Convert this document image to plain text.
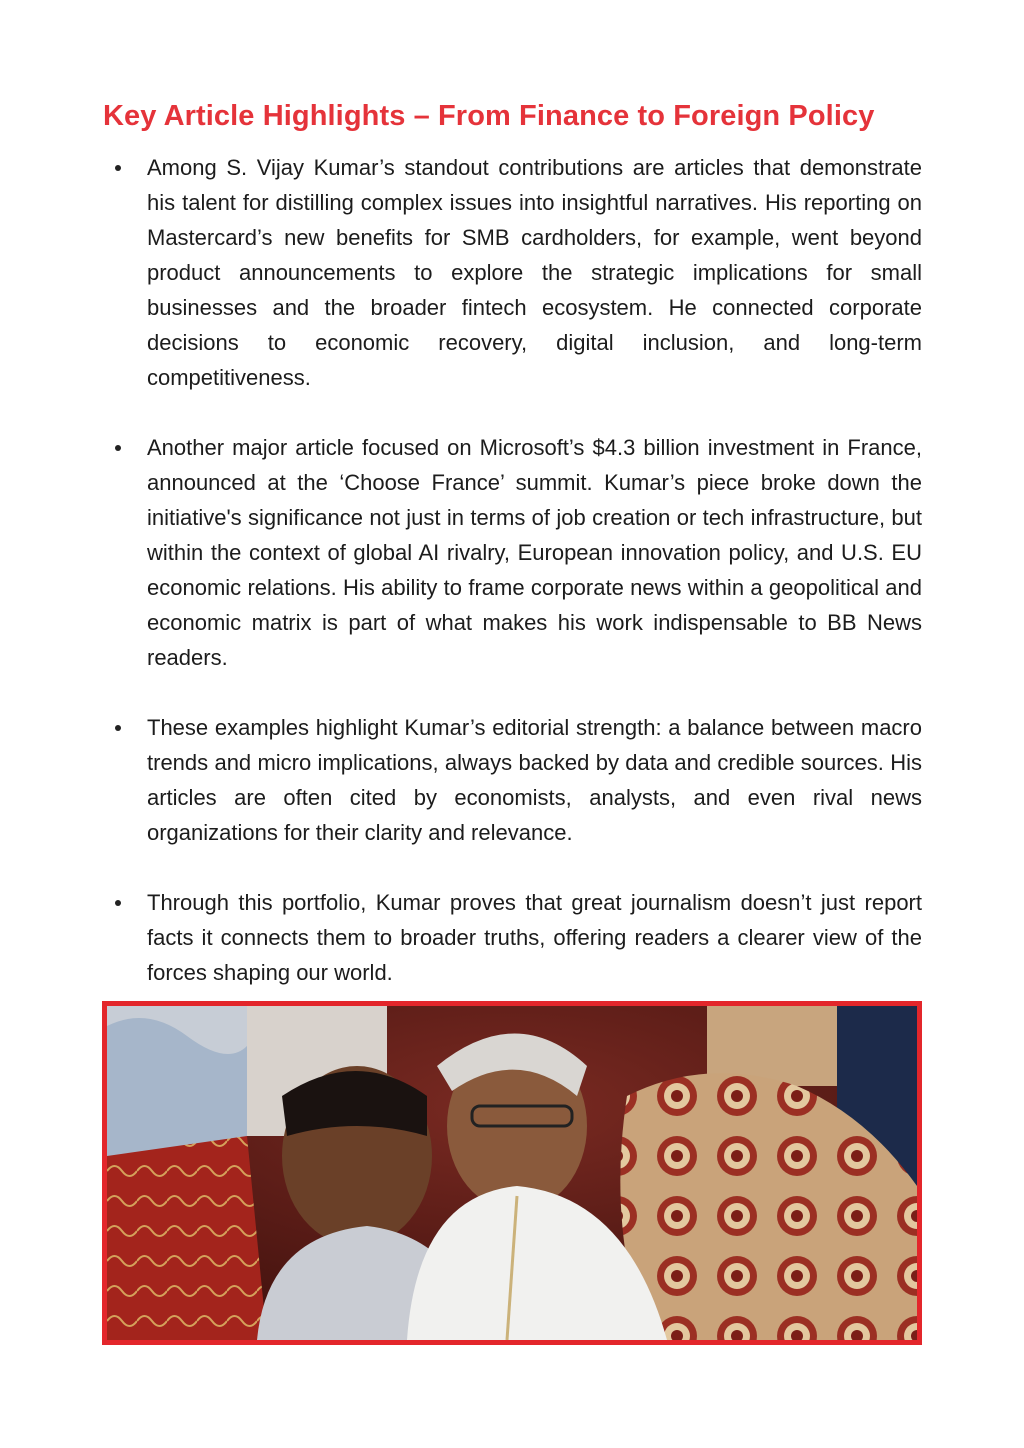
Key Article Highlights – From Finance to Foreign Policy
Among S. Vijay Kumar’s standout contributions are articles that demonstrate his talent for distilling complex issues into insightful narratives. His reporting on Mastercard’s new benefits for SMB cardholders, for example, went beyond product announcements to explore the strategic implications for small businesses and the broader fintech ecosystem. He connected corporate decisions to economic recovery, digital inclusion, and long-term competitiveness.
Another major article focused on Microsoft’s $4.3 billion investment in France, announced at the ‘Choose France’ summit. Kumar’s piece broke down the initiative's significance not just in terms of job creation or tech infrastructure, but within the context of global AI rivalry, European innovation policy, and U.S. EU economic relations. His ability to frame corporate news within a geopolitical and economic matrix is part of what makes his work indispensable to BB News readers.
These examples highlight Kumar’s editorial strength: a balance between macro trends and micro implications, always backed by data and credible sources. His articles are often cited by economists, analysts, and even rival news organizations for their clarity and relevance.
Through this portfolio, Kumar proves that great journalism doesn’t just report facts it connects them to broader truths, offering readers a clearer view of the forces shaping our world.
